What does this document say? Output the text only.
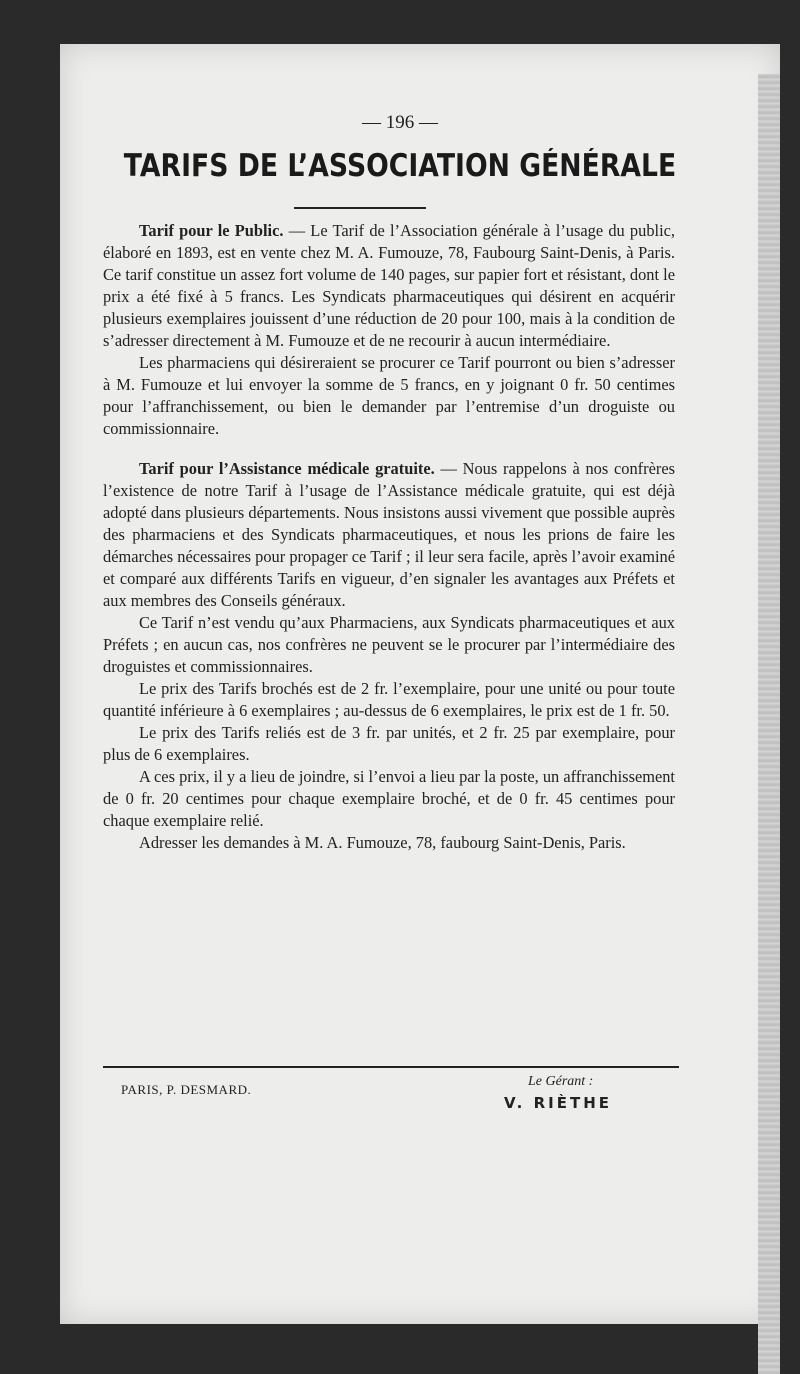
— 196 —
TARIFS DE L’ASSOCIATION GÉNÉRALE

Tarif pour le Public. — Le Tarif de l’Association générale à l’usage du public, élaboré en 1893, est en vente chez M. A. Fumouze, 78, Faubourg Saint-Denis, à Paris. Ce tarif constitue un assez fort volume de 140 pages, sur papier fort et résistant, dont le prix a été fixé à 5 francs. Les Syndicats pharmaceutiques qui désirent en acquérir plusieurs exemplaires jouissent d’une réduction de 20 pour 100, mais à la condition de s’adresser directement à M. Fumouze et de ne recourir à aucun intermédiaire.

Les pharmaciens qui désireraient se procurer ce Tarif pourront ou bien s’adresser à M. Fumouze et lui envoyer la somme de 5 francs, en y joignant 0 fr. 50 centimes pour l’affranchissement, ou bien le demander par l’entremise d’un droguiste ou commissionnaire.

Tarif pour l’Assistance médicale gratuite. — Nous rappelons à nos confrères l’existence de notre Tarif à l’usage de l’Assistance médicale gratuite, qui est déjà adopté dans plusieurs départements. Nous insistons aussi vivement que possible auprès des pharmaciens et des Syndicats pharmaceutiques, et nous les prions de faire les démarches nécessaires pour propager ce Tarif ; il leur sera facile, après l’avoir examiné et comparé aux différents Tarifs en vigueur, d’en signaler les avantages aux Préfets et aux membres des Conseils généraux.

Ce Tarif n’est vendu qu’aux Pharmaciens, aux Syndicats pharmaceutiques et aux Préfets ; en aucun cas, nos confrères ne peuvent se le procurer par l’intermédiaire des droguistes et commissionnaires.

Le prix des Tarifs brochés est de 2 fr. l’exemplaire, pour une unité ou pour toute quantité inférieure à 6 exemplaires ; au-dessus de 6 exemplaires, le prix est de 1 fr. 50.

Le prix des Tarifs reliés est de 3 fr. par unités, et 2 fr. 25 par exemplaire, pour plus de 6 exemplaires.

A ces prix, il y a lieu de joindre, si l’envoi a lieu par la poste, un affranchissement de 0 fr. 20 centimes pour chaque exemplaire broché, et de 0 fr. 45 centimes pour chaque exemplaire relié.

Adresser les demandes à M. A. Fumouze, 78, faubourg Saint-Denis, Paris.

PARIS, P. DESMARD.
Le Gérant :
V. RIÈTHE
